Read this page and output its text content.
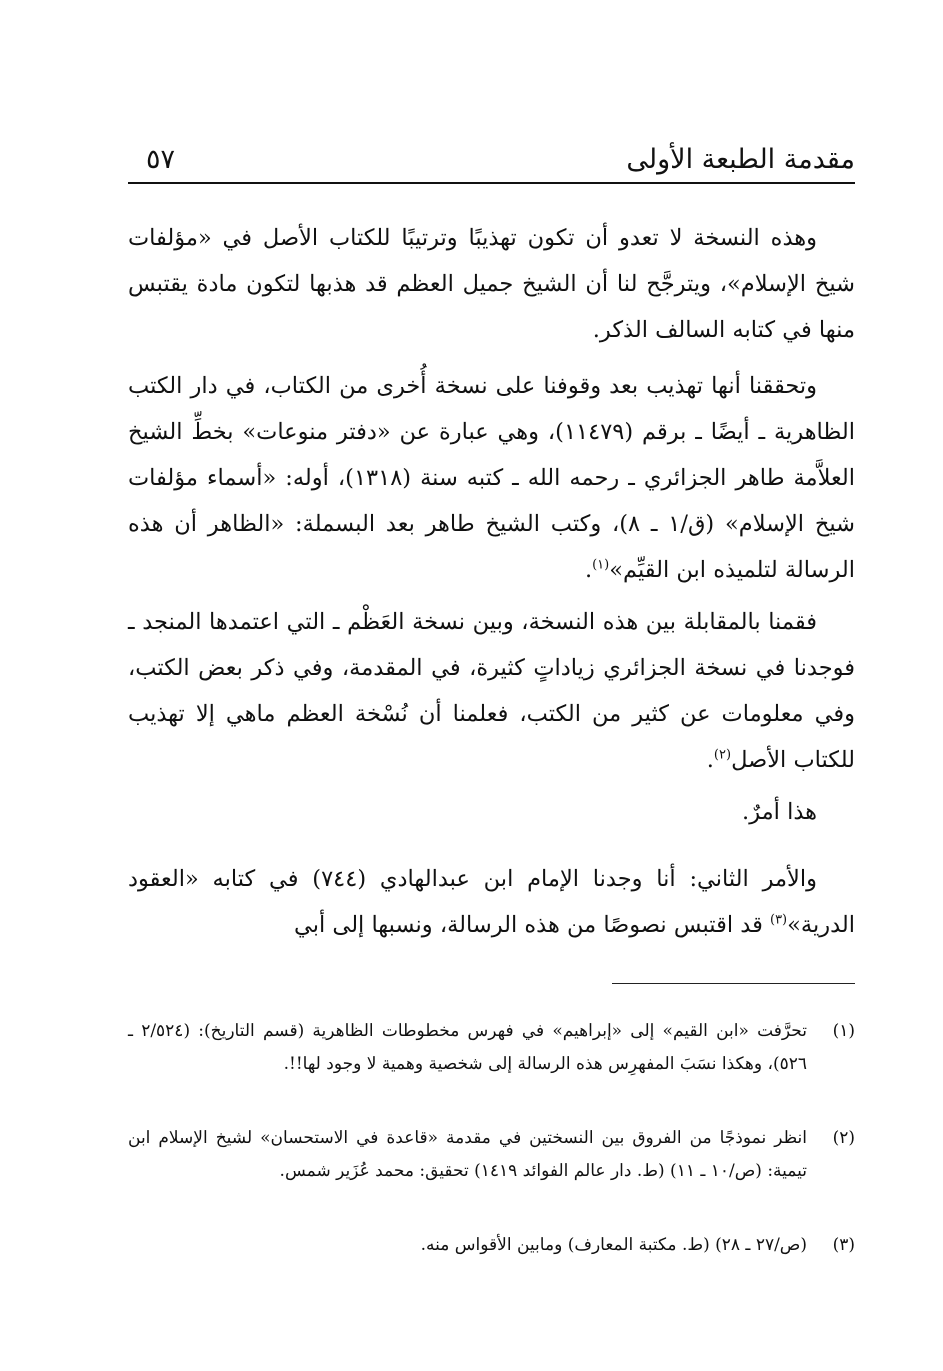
مقدمة الطبعة الأولى
٥٧

وهذه النسخة لا تعدو أن تكون تهذيبًا وترتيبًا للكتاب الأصل في «مؤلفات شيخ الإسلام»، ويترجَّح لنا أن الشيخ جميل العظم قد هذبها لتكون مادة يقتبس منها في كتابه السالف الذكر.

وتحققنا أنها تهذيب بعد وقوفنا على نسخة أُخرى من الكتاب، في دار الكتب الظاهرية ـ أيضًا ـ برقم (١١٤٧٩)، وهي عبارة عن «دفتر منوعات» بخطِّ الشيخ العلاَّمة طاهر الجزائري ـ رحمه الله ـ كتبه سنة (١٣١٨)، أوله: «أسماء مؤلفات شيخ الإسلام» (ق/١ ـ ٨)، وكتب الشيخ طاهر بعد البسملة: «الظاهر أن هذه الرسالة لتلميذه ابن القيِّم»$^{(١)}$.

فقمنا بالمقابلة بين هذه النسخة، وبين نسخة العَظْم ـ التي اعتمدها المنجد ـ فوجدنا في نسخة الجزائري زياداتٍ كثيرة، في المقدمة، وفي ذكر بعض الكتب، وفي معلومات عن كثير من الكتب، فعلمنا أن نُسْخة العظم ماهي إلا تهذيب للكتاب الأصل$^{(٢)}$.

هذا أمرٌ.

والأمر الثاني: أنا وجدنا الإمام ابن عبدالهادي (٧٤٤) في كتابه «العقود الدرية»$^{(٣)}$ قد اقتبس نصوصًا من هذه الرسالة، ونسبها إلى أبي

(١)
تحرَّفت «ابن القيم» إلى «إبراهيم» في فهرس مخطوطات الظاهرية (قسم التاريخ): (٢/٥٢٤ ـ ٥٢٦)، وهكذا نسَبَ المفهرِس هذه الرسالة إلى شخصية وهمية لا وجود لها!!.
(٢)
انظر نموذجًا من الفروق بين النسختين في مقدمة «قاعدة في الاستحسان» لشيخ الإسلام ابن تيمية: (ص/١٠ ـ ١١) (ط. دار عالم الفوائد ١٤١٩) تحقيق: محمد عُزَير شمس.
(٣)
(ص/٢٧ ـ ٢٨) (ط. مكتبة المعارف) ومابين الأقواس منه.
